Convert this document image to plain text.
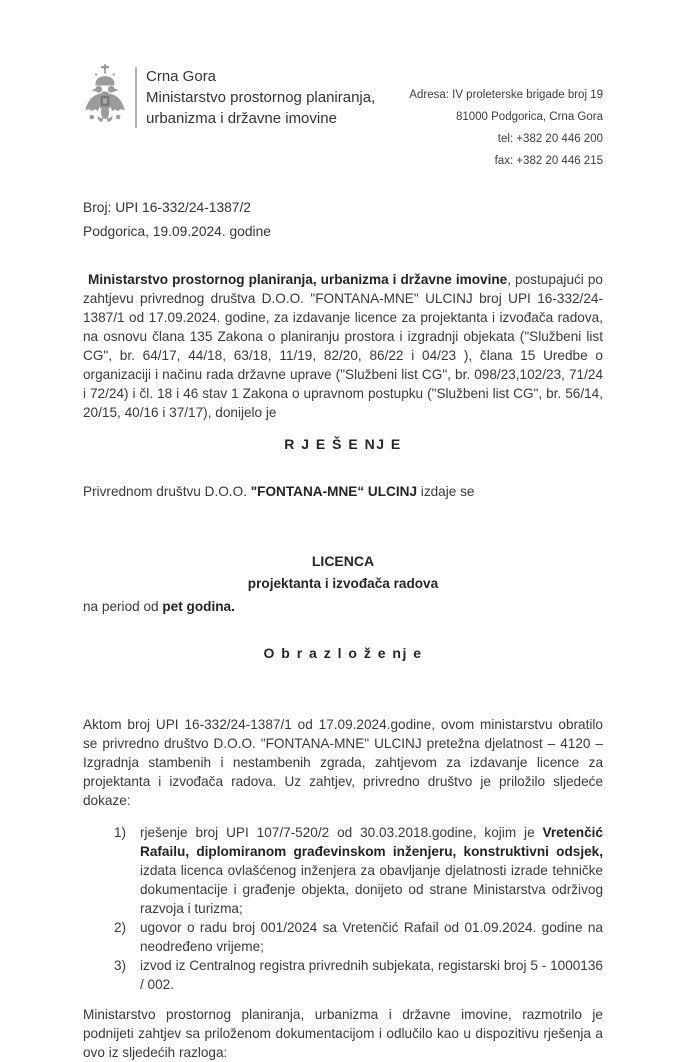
Crna Gora
Ministarstvo prostornog planiranja,
urbanizma i državne imovine
Adresa: IV proleterske brigade broj 19
81000 Podgorica, Crna Gora
tel: +382 20 446 200
fax: +382 20 446 215
Broj: UPI 16-332/24-1387/2
Podgorica, 19.09.2024. godine

Ministarstvo prostornog planiranja, urbanizma i državne imovine, postupajući po zahtjevu privrednog društva D.O.O. "FONTANA-MNE" ULCINJ broj UPI 16-332/24-1387/1 od 17.09.2024. godine, za izdavanje licence za projektanta i izvođača radova, na osnovu člana 135 Zakona o planiranju prostora i izgradnji objekata ("Službeni list CG", br. 64/17, 44/18, 63/18, 11/19, 82/20, 86/22 i 04/23 ), člana 15 Uredbe o organizaciji i načinu rada državne uprave ("Službeni list CG", br. 098/23,102/23, 71/24 i 72/24) i čl. 18 i 46 stav 1 Zakona o upravnom postupku ("Službeni list CG", br. 56/14, 20/15, 40/16 i 37/17), donijelo je

R J E Š E NJ E

Privrednom društvu D.O.O. "FONTANA-MNE“ ULCINJ izdaje se

LICENCA
projektanta i izvođača radova

na period od pet godina.

O b r a z l o ž e nj e

Aktom broj UPI 16-332/24-1387/1 od 17.09.2024.godine, ovom ministarstvu obratilo se privredno društvo D.O.O. "FONTANA-MNE" ULCINJ pretežna djelatnost – 4120 – Izgradnja stambenih i nestambenih zgrada, zahtjevom za izdavanje licence za projektanta i izvođača radova. Uz zahtjev, privredno društvo je priložilo sljedeće dokaze:

1)	rješenje broj UPI 107/7-520/2 od 30.03.2018.godine, kojim je Vretenčić Rafailu, diplomiranom građevinskom inženjeru, konstruktivni odsjek, izdata licenca ovlašćenog inženjera za obavljanje djelatnosti izrade tehničke dokumentacije i građenje objekta, donijeto od strane Ministarstva održivog razvoja i turizma;
2)	ugovor o radu broj 001/2024 sa Vretenčić Rafail od 01.09.2024. godine na neodređeno vrijeme;
3)	izvod iz Centralnog registra privrednih subjekata, registarski broj 5 - 1000136 / 002.

Ministarstvo prostornog planiranja, urbanizma i državne imovine, razmotrilo je podnijeti zahtjev sa priloženom dokumentacijom i odlučilo kao u dispozitivu rješenja a ovo iz sljedećih razloga:
